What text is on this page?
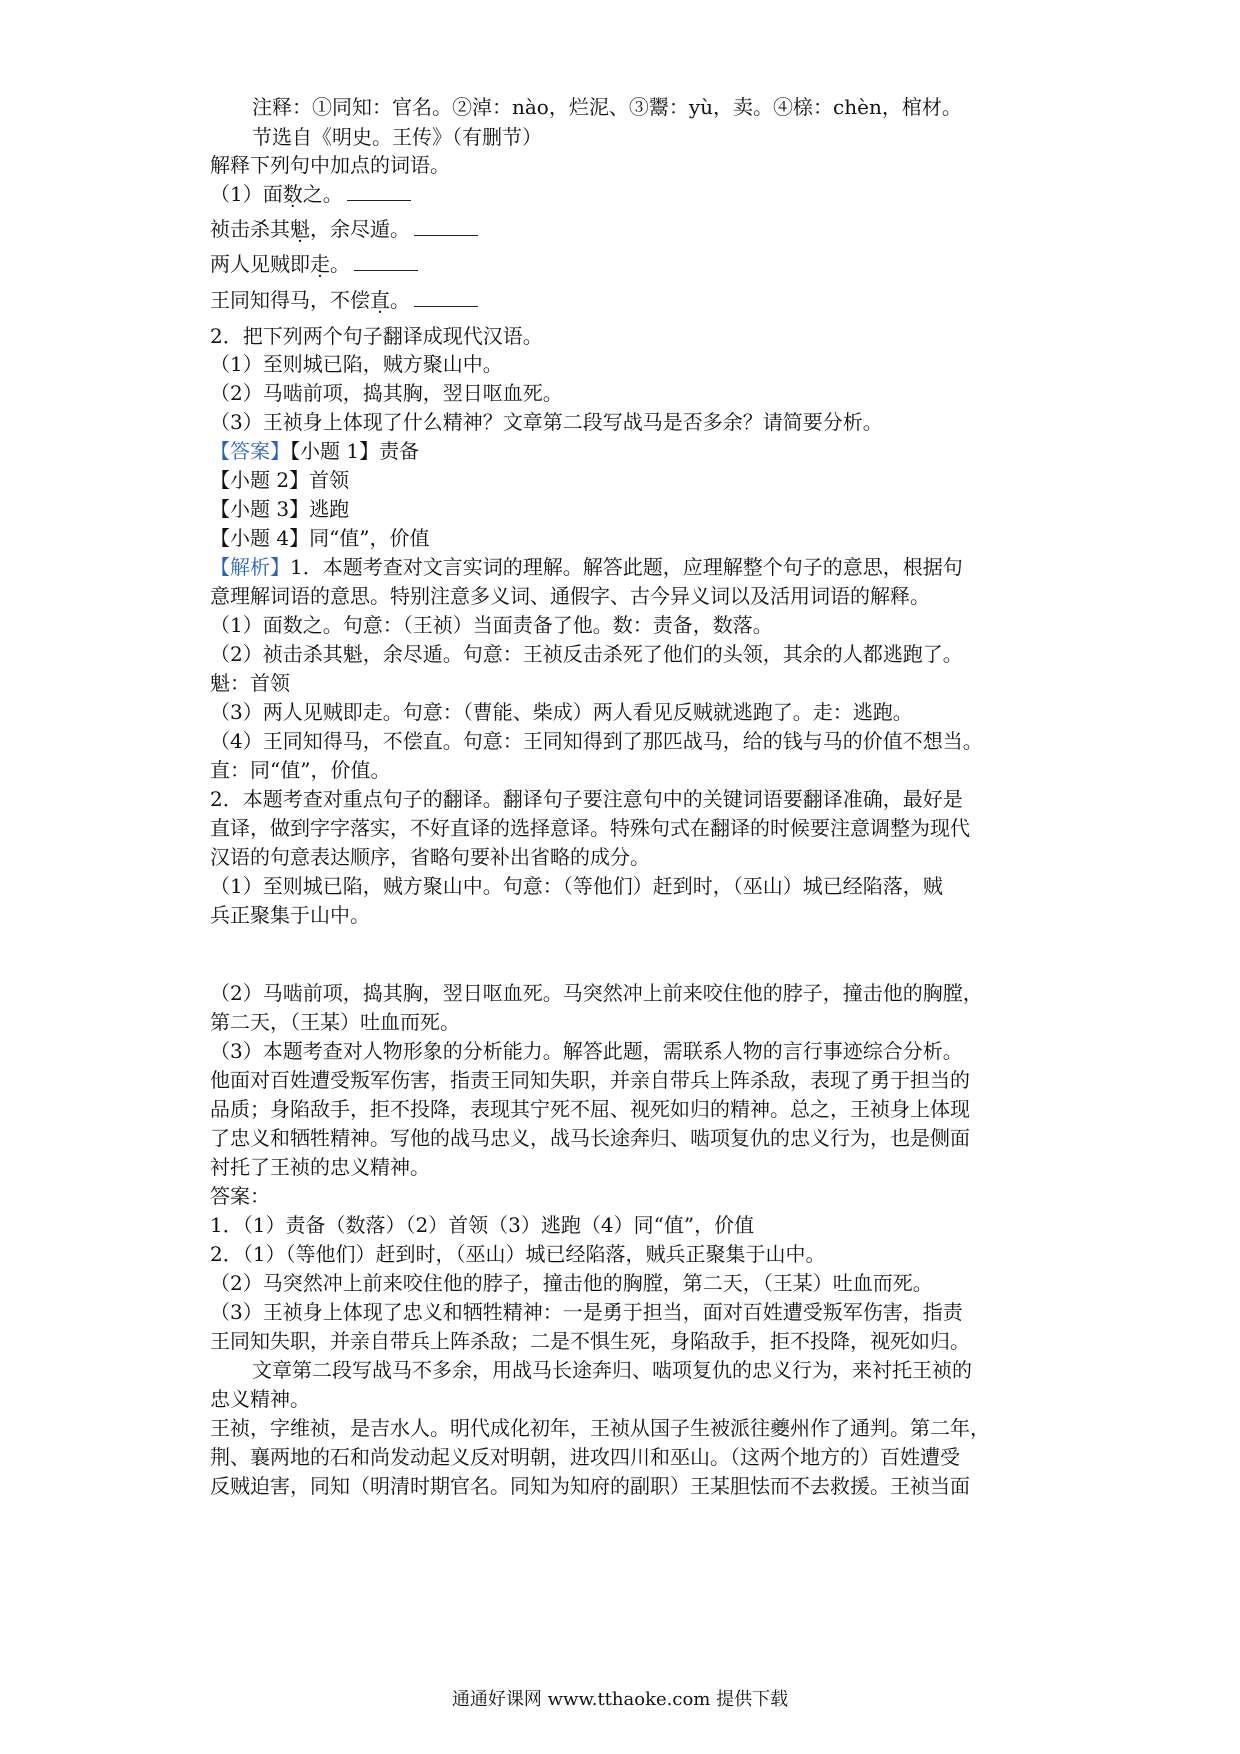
注释：①同知：官名。②淖：nào，烂泥、③鬻：yù，卖。④榇：chèn，棺材。
节选自《明史。王传》（有删节）
解释下列句中加点的词语。
（1）面数之。
祯击杀其魁，余尽遁。
两人见贼即走。
王同知得马，不偿直。
2．把下列两个句子翻译成现代汉语。
（1）至则城已陷，贼方聚山中。
（2）马啮前项，捣其胸，翌日呕血死。
（3）王祯身上体现了什么精神？文章第二段写战马是否多余？请简要分析。
【答案】【小题 1】责备
【小题 2】首领
【小题 3】逃跑
【小题 4】同“值”，价值
【解析】1．本题考查对文言实词的理解。解答此题，应理解整个句子的意思，根据句
意理解词语的意思。特别注意多义词、通假字、古今异义词以及活用词语的解释。
（1）面数之。句意：（王祯）当面责备了他。数：责备，数落。
（2）祯击杀其魁，余尽遁。句意：王祯反击杀死了他们的头领，其余的人都逃跑了。
魁：首领
（3）两人见贼即走。句意：（曹能、柴成）两人看见反贼就逃跑了。走：逃跑。
（4）王同知得马，不偿直。句意：王同知得到了那匹战马，给的钱与马的价值不想当。
直：同“值”，价值。
2．本题考查对重点句子的翻译。翻译句子要注意句中的关键词语要翻译准确，最好是
直译，做到字字落实，不好直译的选择意译。特殊句式在翻译的时候要注意调整为现代
汉语的句意表达顺序，省略句要补出省略的成分。
（1）至则城已陷，贼方聚山中。句意：（等他们）赶到时，（巫山）城已经陷落，贼
兵正聚集于山中。
（2）马啮前项，捣其胸，翌日呕血死。马突然冲上前来咬住他的脖子，撞击他的胸膛，
第二天，（王某）吐血而死。
（3）本题考查对人物形象的分析能力。解答此题，需联系人物的言行事迹综合分析。
他面对百姓遭受叛军伤害，指责王同知失职，并亲自带兵上阵杀敌，表现了勇于担当的
品质；身陷敌手，拒不投降，表现其宁死不屈、视死如归的精神。总之，王祯身上体现
了忠义和牺牲精神。写他的战马忠义，战马长途奔归、啮项复仇的忠义行为，也是侧面
衬托了王祯的忠义精神。
答案：
1．（1）责备（数落）（2）首领（3）逃跑（4）同“值”，价值
2．（1）（等他们）赶到时，（巫山）城已经陷落，贼兵正聚集于山中。
（2）马突然冲上前来咬住他的脖子，撞击他的胸膛，第二天，（王某）吐血而死。
（3）王祯身上体现了忠义和牺牲精神：一是勇于担当，面对百姓遭受叛军伤害，指责
王同知失职，并亲自带兵上阵杀敌；二是不惧生死，身陷敌手，拒不投降，视死如归。
文章第二段写战马不多余，用战马长途奔归、啮项复仇的忠义行为，来衬托王祯的
忠义精神。
王祯，字维祯，是吉水人。明代成化初年，王祯从国子生被派往夔州作了通判。第二年，
荆、襄两地的石和尚发动起义反对明朝，进攻四川和巫山。（这两个地方的）百姓遭受
反贼迫害，同知（明清时期官名。同知为知府的副职）王某胆怯而不去救援。王祯当面
通通好课网 www.tthaoke.com 提供下载
